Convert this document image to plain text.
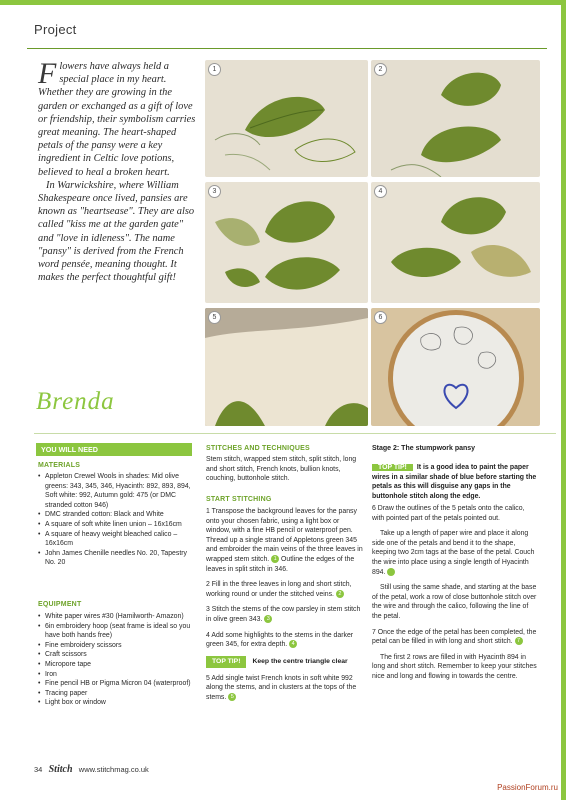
Project

Flowers have always held a special place in my heart. Whether they are growing in the garden or exchanged as a gift of love or friendship, their symbolism carries great meaning. The heart-shaped petals of the pansy were a key ingredient in Celtic love potions, believed to heal a broken heart.

In Warwickshire, where William Shakespeare once lived, pansies are known as "heartsease". They are also called "kiss me at the garden gate" and "love in idleness". The name "pansy" is derived from the French word pensée, meaning thought. It makes the perfect thoughtful gift!

Brenda
1	2
3	4
5	6
YOU WILL NEED
MATERIALS
• Appleton Crewel Wools in shades: Mid olive greens: 343, 345, 346, Hyacinth: 892, 893, 894, Soft white: 992, Autumn gold: 475 (or DMC stranded cotton 946)
• DMC stranded cotton: Black and White
• A square of soft white linen union – 16x16cm
• A square of heavy weight bleached calico – 16x16cm
• John James Chenille needles No. 20, Tapestry No. 20
EQUIPMENT
• White paper wires #30 (Hamilworth- Amazon)
• 6in embroidery hoop (seat frame is ideal so you have both hands free)
• Fine embroidery scissors
• Craft scissors
• Micropore tape
• Iron
• Fine pencil HB or Pigma Micron 04 (waterproof)
• Tracing paper
• Light box or window
STITCHES AND TECHNIQUES
Stem stitch, wrapped stem stitch, split stitch, long and short stitch, French knots, bullion knots, couching, buttonhole stitch.
START STITCHING

1 Transpose the background leaves for the pansy onto your chosen fabric, using a light box or window, with a fine HB pencil or waterproof pen. Thread up a single strand of Appletons green 345 and embroider the main veins of the three leaves in wrapped stem stitch. 1 Outline the edges of the leaves in split stitch in 346.

2 Fill in the three leaves in long and short stitch, working round or under the stitched veins. 2

3 Stitch the stems of the cow parsley in stem stitch in olive green 343. 3

4 Add some highlights to the stems in the darker green 345, for extra depth. 4

TOP TIP! Keep the centre triangle clear

5 Add single twist French knots in soft white 992 along the stems, and in clusters at the tops of the stems. 5

Stage 2: The stumpwork pansy
TOP TIP! It is a good idea to paint the paper wires in a similar shade of blue before starting the petals as this will disguise any gaps in the buttonhole stitch along the edge.

6 Draw the outlines of the 5 petals onto the calico, with pointed part of the petals pointed out.

Take up a length of paper wire and place it along side one of the petals and bend it to the shape, keeping two 2cm tags at the base of the petal. Couch the wire into place using a single length of Hyacinth 894. 6

Still using the same shade, and starting at the base of the petal, work a row of close buttonhole stitch over the wire and through the calico, following the line of the petal.

7 Once the edge of the petal has been completed, the petal can be filled in with long and short stitch. 7

The first 2 rows are filled in with Hyacinth 894 in long and short stitch. Remember to keep your stitches nice and long and flowing in towards the centre.

34 Stitch www.stitchmag.co.uk
PassionForum.ru
